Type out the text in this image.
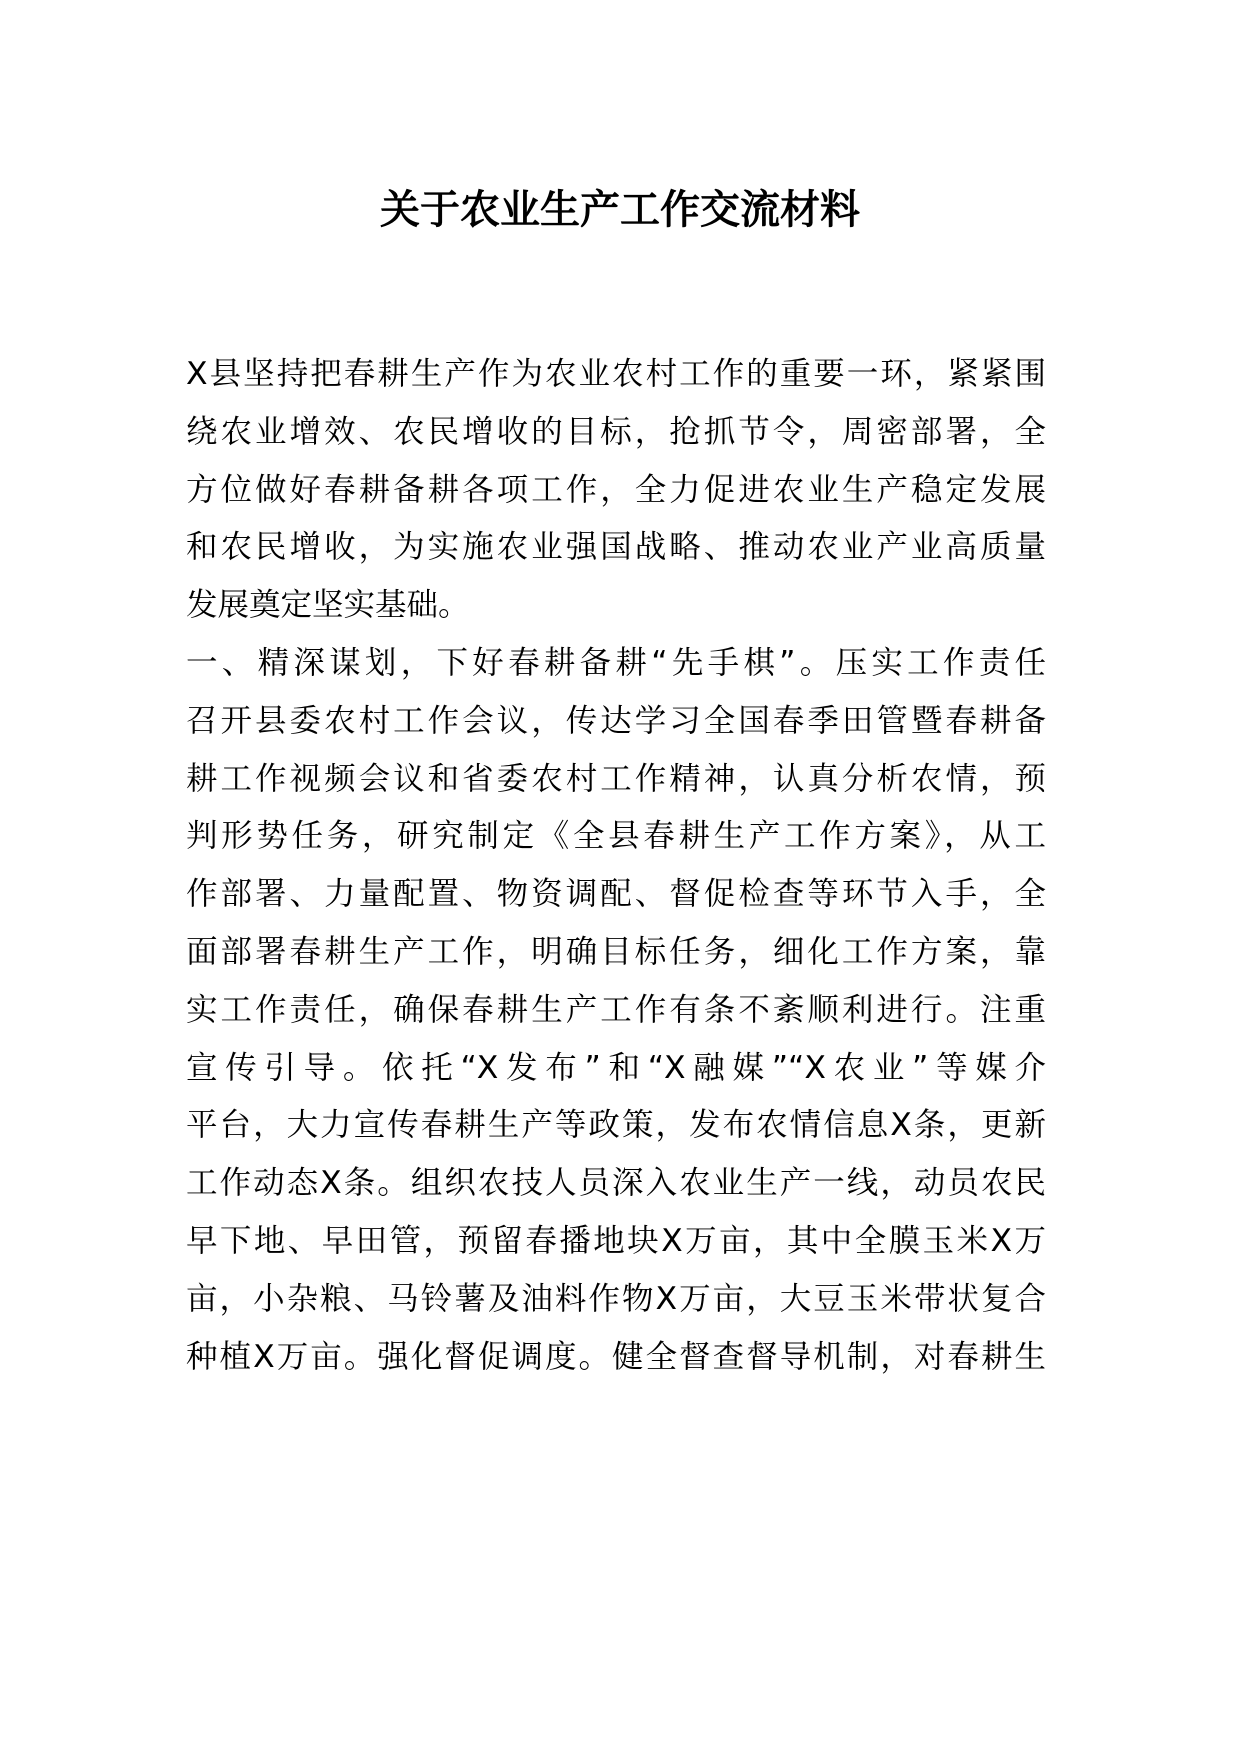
关于农业生产工作交流材料
X县坚持把春耕生产作为农业农村工作的重要一环，紧紧围
绕农业增效、农民增收的目标，抢抓节令，周密部署，全
方位做好春耕备耕各项工作，全力促进农业生产稳定发展
和农民增收，为实施农业强国战略、推动农业产业高质量
发展奠定坚实基础。
一、精深谋划，下好春耕备耕“先手棋”。压实工作责任
召开县委农村工作会议，传达学习全国春季田管暨春耕备
耕工作视频会议和省委农村工作精神，认真分析农情，预
判形势任务，研究制定《全县春耕生产工作方案》，从工
作部署、力量配置、物资调配、督促检查等环节入手，全
面部署春耕生产工作，明确目标任务，细化工作方案，靠
实工作责任，确保春耕生产工作有条不紊顺利进行。注重
宣传引导。依托“X发布”和“X融媒”“X农业”等媒介
平台，大力宣传春耕生产等政策，发布农情信息X条，更新
工作动态X条。组织农技人员深入农业生产一线，动员农民
早下地、早田管，预留春播地块X万亩，其中全膜玉米X万
亩，小杂粮、马铃薯及油料作物X万亩，大豆玉米带状复合
种植X万亩。强化督促调度。健全督查督导机制，对春耕生
